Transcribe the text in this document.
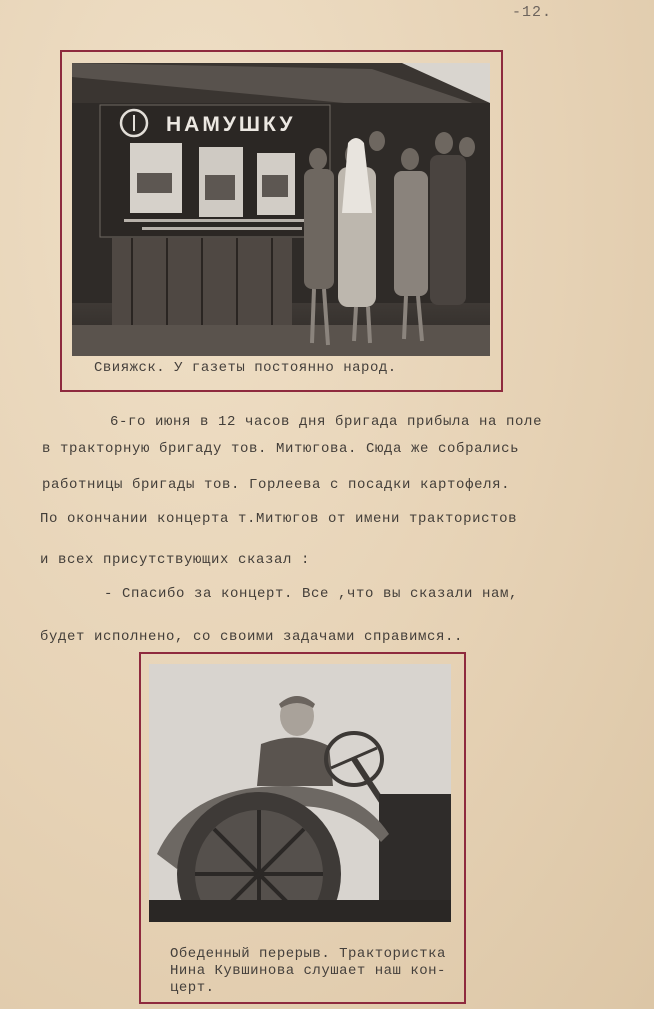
-12.
НАМУШКУ
Свияжск. У газеты постоянно народ.
6-го июня в 12 часов дня бригада прибыла на поле
в тракторную бригаду тов. Митюгова. Сюда же собрались
работницы бригады тов. Горлеева с посадки картофеля.
По окончании концерта т.Митюгов от имени трактористов
и всех присутствующих сказал :
- Спасибо за концерт. Все ,что вы сказали нам,
будет исполнено, со своими задачами справимся..
Обеденный перерыв. Трактористка
Нина Кувшинова слушает наш кон-
церт.
